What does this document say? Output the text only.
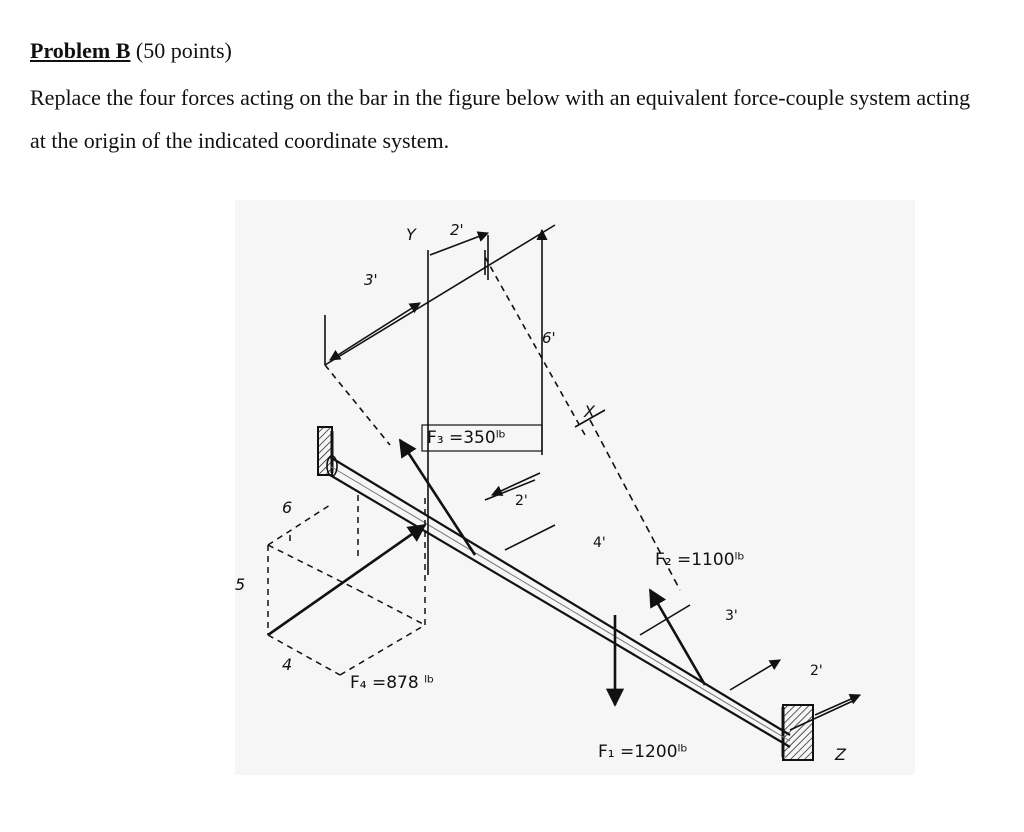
Problem B (50 points)
Replace the four forces acting on the bar in the figure below with an equivalent force-couple system acting at the origin of the indicated coordinate system.
Y
X
Z
3'
2'
6'
2'
4'
3'
2'
6
5
4
F₃ =350ˡᵇ
F₂ =1100ˡᵇ
F₄ =878 ˡᵇ
F₁ =1200ˡᵇ
